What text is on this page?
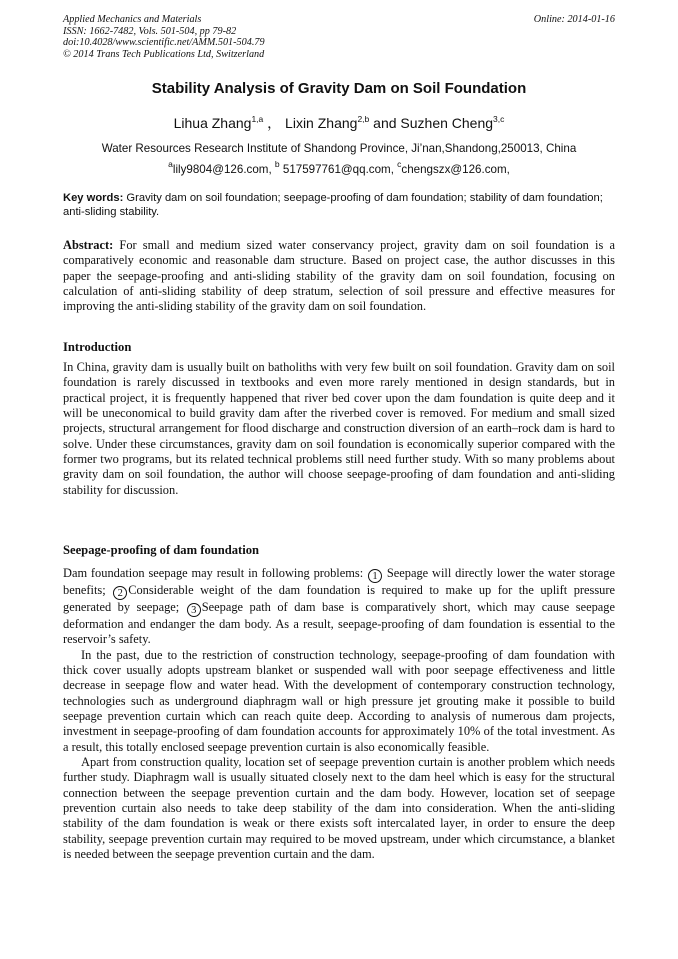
Applied Mechanics and Materials
ISSN: 1662-7482, Vols. 501-504, pp 79-82
doi:10.4028/www.scientific.net/AMM.501-504.79
© 2014 Trans Tech Publications Ltd, Switzerland
Online: 2014-01-16
Stability Analysis of Gravity Dam on Soil Foundation
Lihua Zhang$^{1,a}$ ， Lixin Zhang$^{2,b}$ and Suzhen Cheng$^{3,c}$
Water Resources Research Institute of Shandong Province, Ji’nan,Shandong,250013, China
$^a$lily9804@126.com, $^b$ 517597761@qq.com, $^c$chengszx@126.com,
Key words: Gravity dam on soil foundation; seepage-proofing of dam foundation; stability of dam foundation; anti-sliding stability.
Abstract: For small and medium sized water conservancy project, gravity dam on soil foundation is a comparatively economic and reasonable dam structure. Based on project case, the author discusses in this paper the seepage-proofing and anti-sliding stability of the gravity dam on soil foundation, focusing on calculation of anti-sliding stability of deep stratum, selection of soil pressure and effective measures for improving the anti-sliding stability of the gravity dam on soil foundation.
Introduction
In China, gravity dam is usually built on batholiths with very few built on soil foundation. Gravity dam on soil foundation is rarely discussed in textbooks and even more rarely mentioned in design standards, but in practical project, it is frequently happened that river bed cover upon the dam foundation is quite deep and it will be uneconomical to build gravity dam after the riverbed cover is removed. For medium and small sized projects, structural arrangement for flood discharge and construction diversion of an earth–rock dam is hard to solve. Under these circumstances, gravity dam on soil foundation is economically superior compared with the former two programs, but its related technical problems still need further study. With so many problems about gravity dam on soil foundation, the author will choose seepage-proofing of dam foundation and anti-sliding stability for discussion.
Seepage-proofing of dam foundation

Dam foundation seepage may result in following problems: 1 Seepage will directly lower the water storage benefits; 2 Considerable weight of the dam foundation is required to make up for the uplift pressure generated by seepage; 3 Seepage path of dam base is comparatively short, which may cause seepage deformation and endanger the dam body. As a result, seepage-proofing of dam foundation is essential to the reservoir’s safety.

In the past, due to the restriction of construction technology, seepage-proofing of dam foundation with thick cover usually adopts upstream blanket or suspended wall with poor seepage effectiveness and little decrease in seepage flow and water head. With the development of contemporary construction technology, technologies such as underground diaphragm wall or high pressure jet grouting make it possible to build seepage prevention curtain which can reach quite deep. According to analysis of numerous dam projects, investment in seepage-proofing of dam foundation accounts for approximately 10% of the total investment. As a result, this totally enclosed seepage prevention curtain is also economically feasible.

Apart from construction quality, location set of seepage prevention curtain is another problem which needs further study. Diaphragm wall is usually situated closely next to the dam heel which is easy for the structural connection between the seepage prevention curtain and the dam body. However, location set of seepage prevention curtain also needs to take deep stability of the dam into consideration. When the anti-sliding stability of the dam foundation is weak or there exists soft intercalated layer, in order to ensure the deep stability, seepage prevention curtain may required to be moved upstream, under which circumstance, a blanket is needed between the seepage prevention curtain and the dam.
